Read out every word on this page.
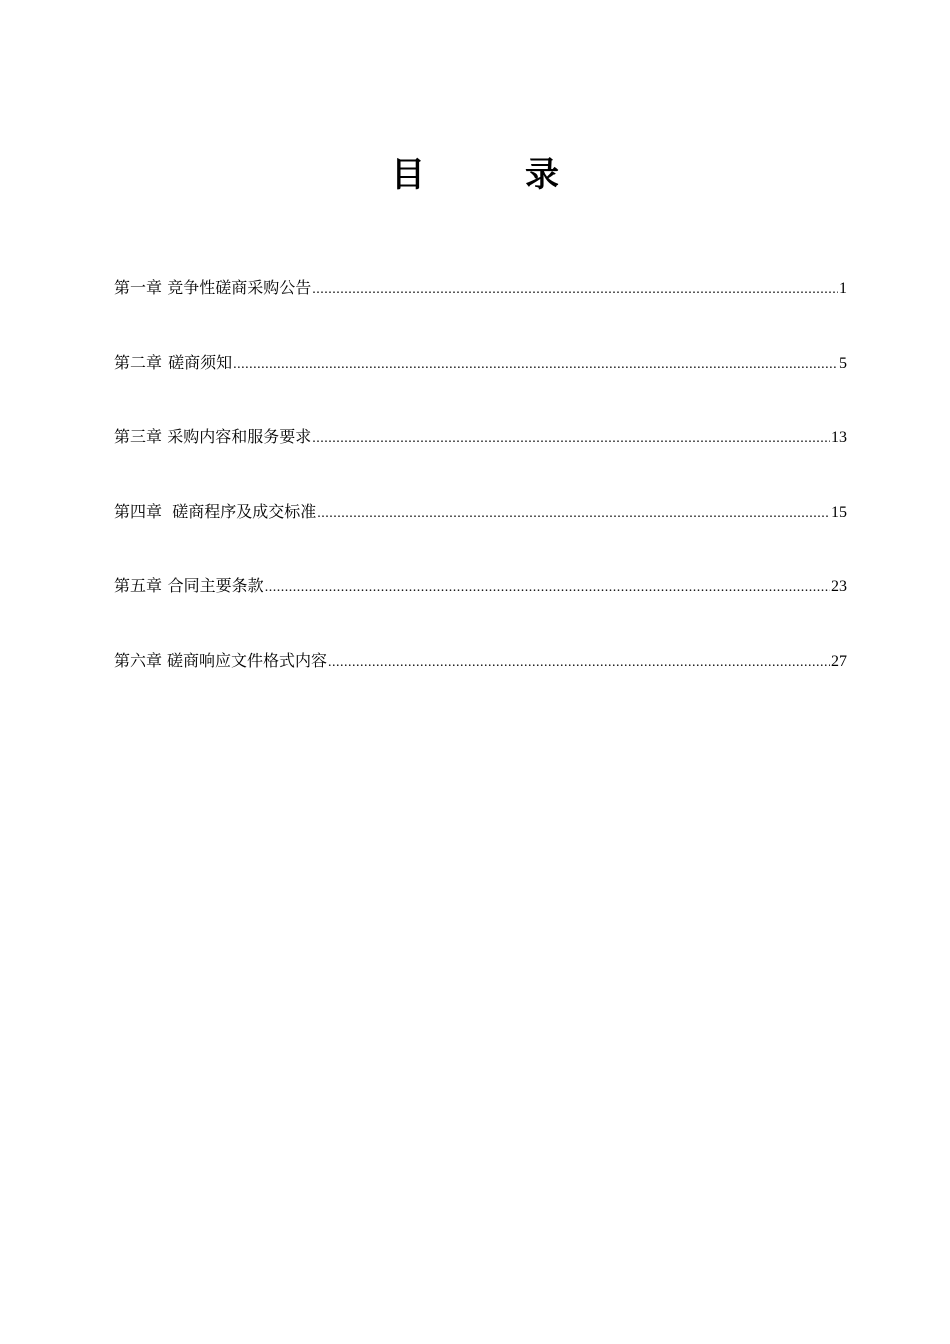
目	录
第一章 竞争性磋商采购公告 .....	1
第二章 磋商须知 .....	5
第三章 采购内容和服务要求 .....	13
第四章 磋商程序及成交标准 .....	15
第五章 合同主要条款 .....	23
第六章 磋商响应文件格式内容 .....	27
